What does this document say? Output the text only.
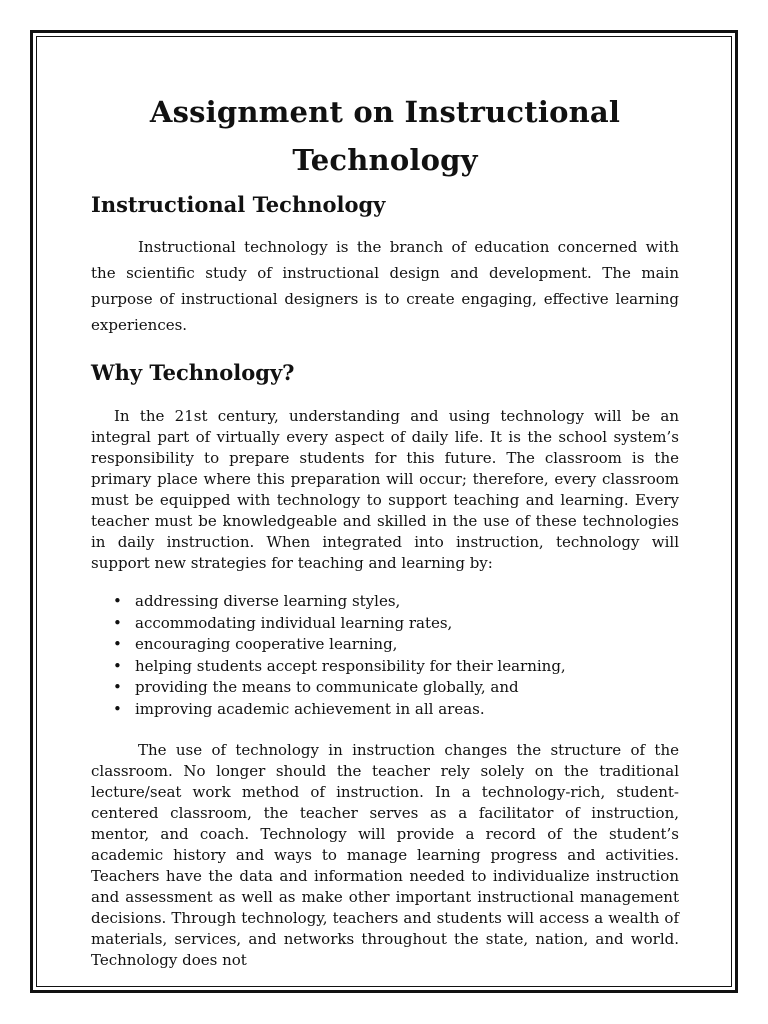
Assignment on Instructional Technology
Instructional Technology

Instructional technology is the branch of education concerned with the scientific study of instructional design and development. The main purpose of instructional designers is to create engaging, effective learning experiences.

Why Technology?

In the 21st century, understanding and using technology will be an integral part of virtually every aspect of daily life. It is the school system’s responsibility to prepare students for this future. The classroom is the primary place where this preparation will occur; therefore, every classroom must be equipped with technology to support teaching and learning. Every teacher must be knowledgeable and skilled in the use of these technologies in daily instruction. When integrated into instruction, technology will support new strategies for teaching and learning by:

• addressing diverse learning styles,
• accommodating individual learning rates,
• encouraging cooperative learning,
• helping students accept responsibility for their learning,
• providing the means to communicate globally, and
• improving academic achievement in all areas.

The use of technology in instruction changes the structure of the classroom. No longer should the teacher rely solely on the traditional lecture/seat work method of instruction. In a technology-rich, student-centered classroom, the teacher serves as a facilitator of instruction, mentor, and coach. Technology will provide a record of the student’s academic history and ways to manage learning progress and activities. Teachers have the data and information needed to individualize instruction and assessment as well as make other important instructional management decisions. Through technology, teachers and students will access a wealth of materials, services, and networks throughout the state, nation, and world. Technology does not
